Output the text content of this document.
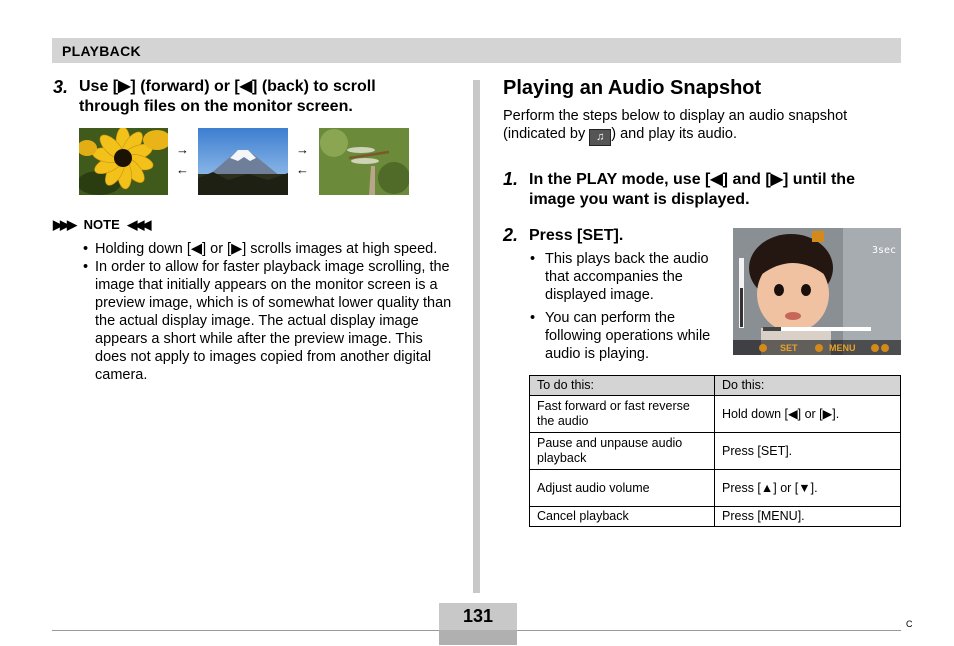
PLAYBACK
3. Use [▶] (forward) or [◀] (back) to scroll
through files on the monitor screen.
→
←
→
←
▶▶▶ NOTE ◀◀◀
• Holding down [◀] or [▶] scrolls images at high speed.
• In order to allow for faster playback image scrolling, the image that initially appears on the monitor screen is a preview image, which is of somewhat lower quality than the actual display image. The actual display image appears a short while after the preview image. This does not apply to images copied from another digital camera.
Playing an Audio Snapshot
Perform the steps below to display an audio snapshot
(indicated by ♫ ) and play its audio.
1. In the PLAY mode, use [◀] and [▶] until the
image you want is displayed.
2. Press [SET].
• This plays back the audio that accompanies the displayed image.
• You can perform the following operations while audio is playing.
3sec
SET	MENU
To do this:	Do this:
Fast forward or fast reverse the audio	Hold down [◀] or [▶].
Pause and unpause audio playback	Press [SET].
Adjust audio volume	Press [▲] or [▼].
Cancel playback	Press [MENU].
131	C
